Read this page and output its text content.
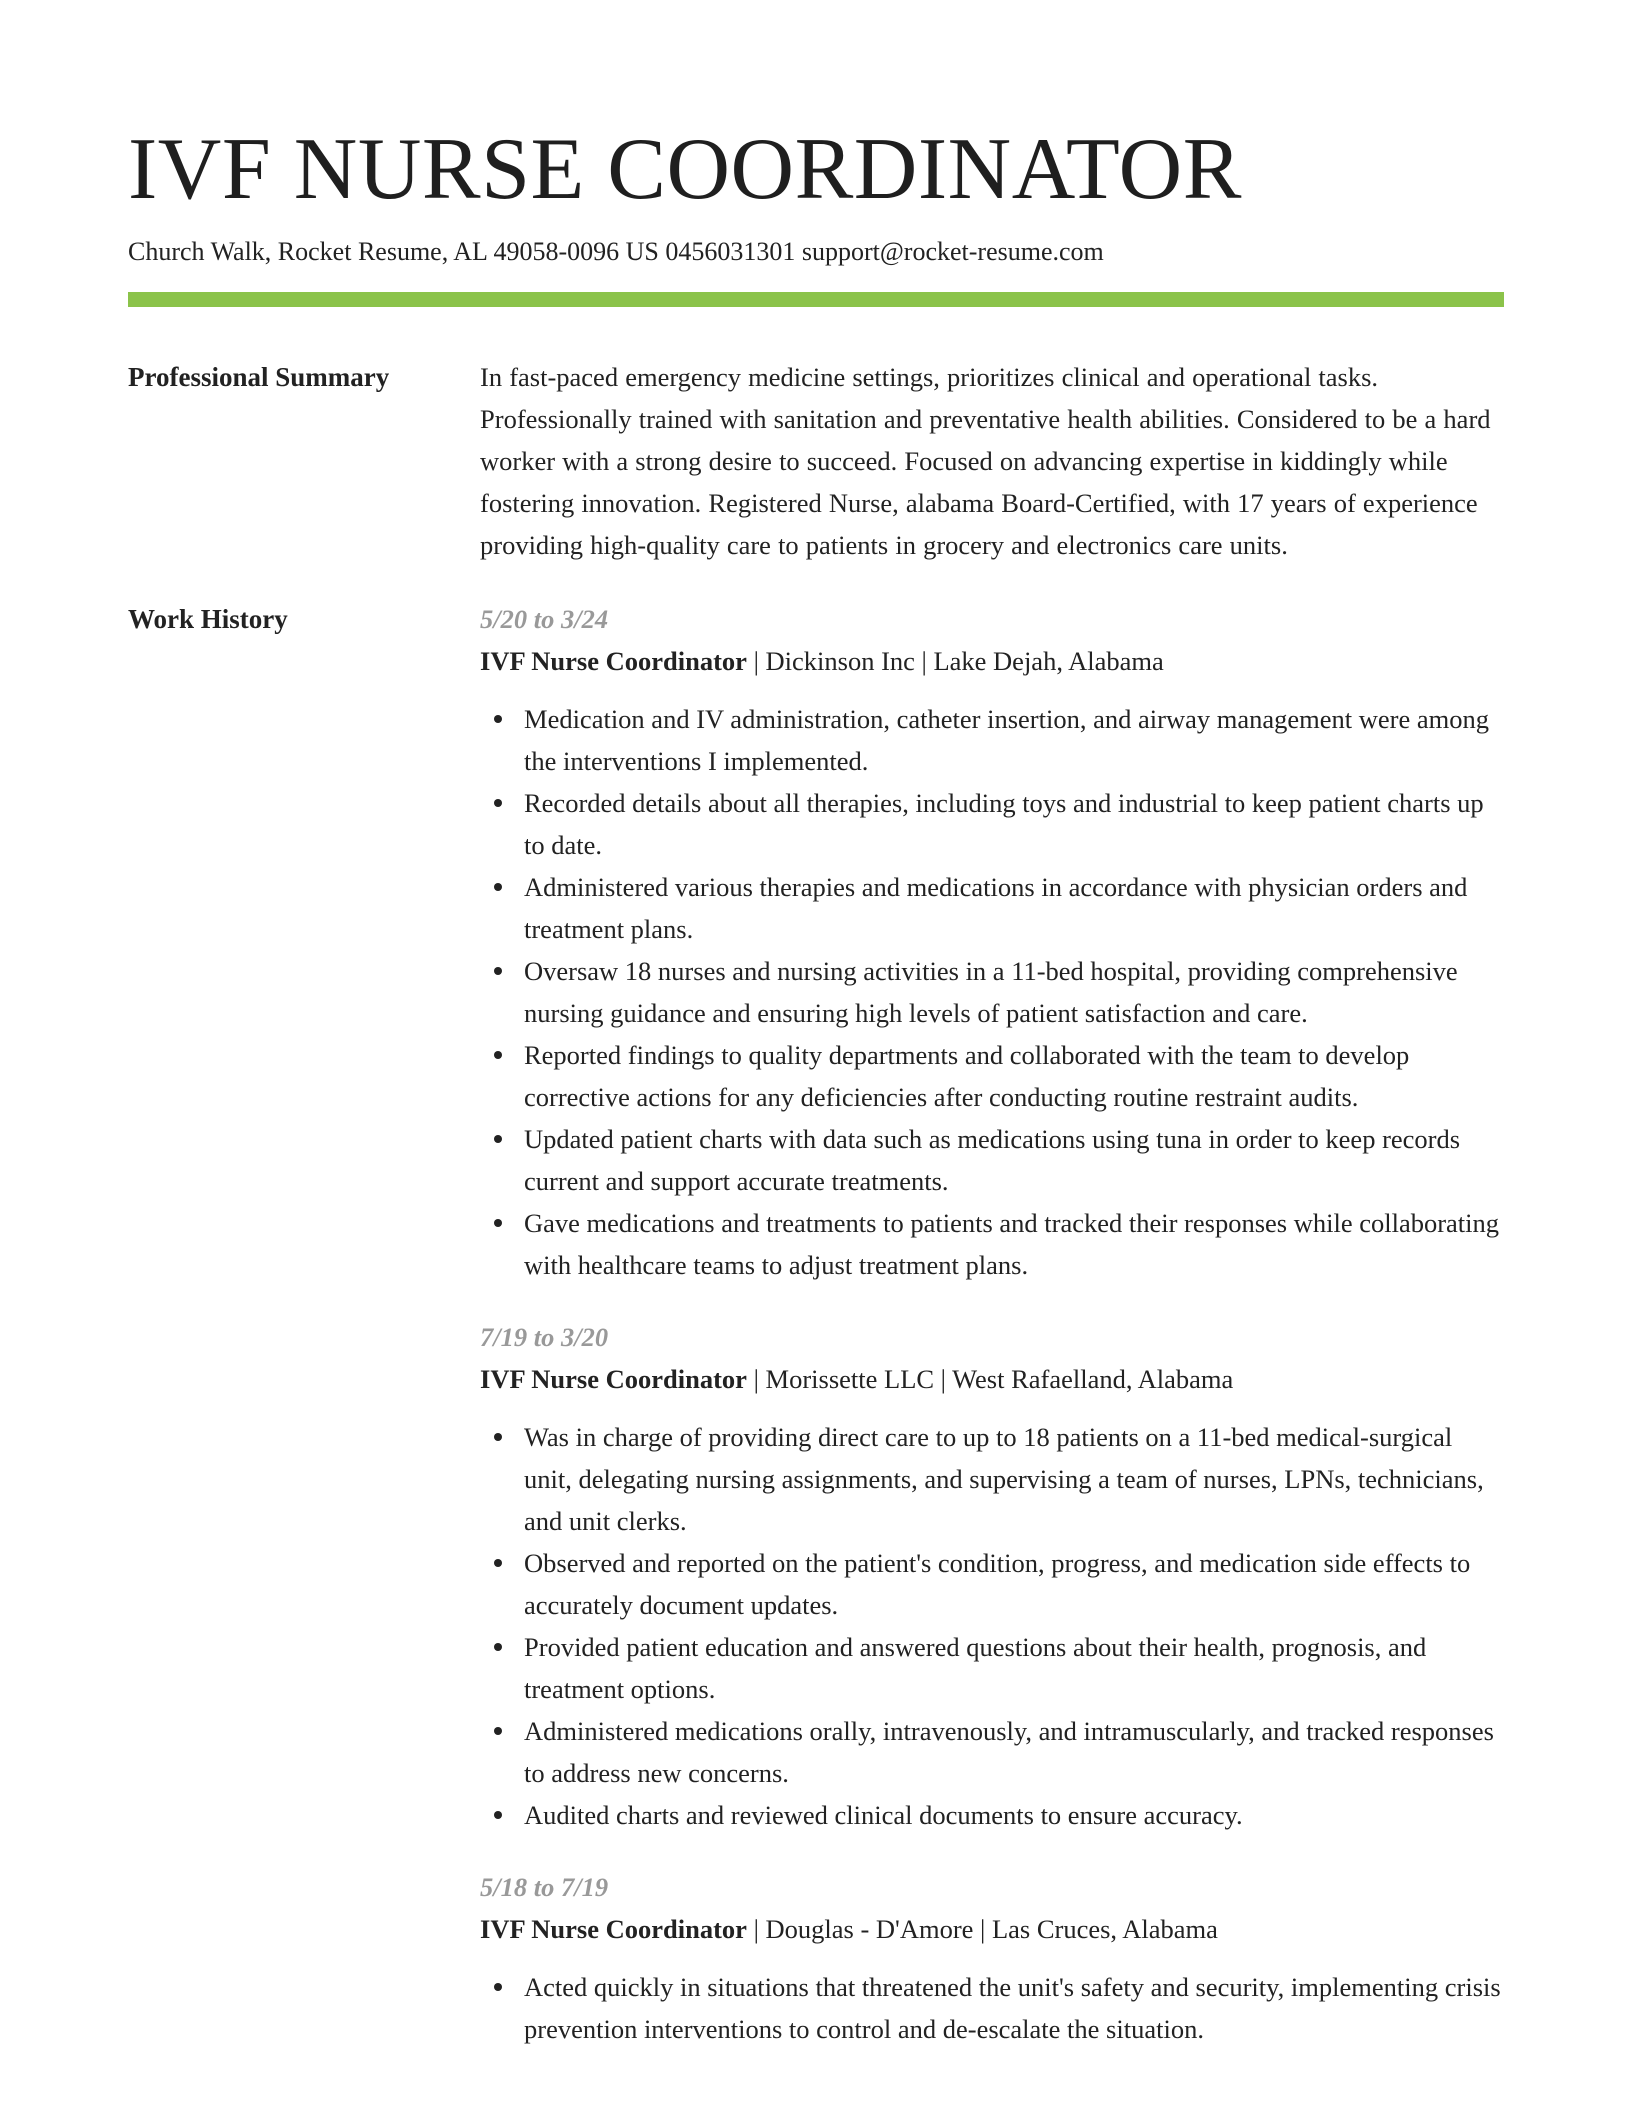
IVF NURSE COORDINATOR
Church Walk, Rocket Resume, AL 49058-0096 US 0456031301 support@rocket-resume.com
Professional Summary	In fast-paced emergency medicine settings, prioritizes clinical and operational tasks. Professionally trained with sanitation and preventative health abilities. Considered to be a hard worker with a strong desire to succeed. Focused on advancing expertise in kiddingly while fostering innovation. Registered Nurse, alabama Board-Certified, with 17 years of experience providing high-quality care to patients in grocery and electronics care units.
Work History	5/20 to 3/24
IVF Nurse Coordinator | Dickinson Inc | Lake Dejah, Alabama
Medication and IV administration, catheter insertion, and airway management were among the interventions I implemented.
Recorded details about all therapies, including toys and industrial to keep patient charts up to date.
Administered various therapies and medications in accordance with physician orders and treatment plans.
Oversaw 18 nurses and nursing activities in a 11-bed hospital, providing comprehensive nursing guidance and ensuring high levels of patient satisfaction and care.
Reported findings to quality departments and collaborated with the team to develop corrective actions for any deficiencies after conducting routine restraint audits.
Updated patient charts with data such as medications using tuna in order to keep records current and support accurate treatments.
Gave medications and treatments to patients and tracked their responses while collaborating with healthcare teams to adjust treatment plans.
7/19 to 3/20
IVF Nurse Coordinator | Morissette LLC | West Rafaelland, Alabama
Was in charge of providing direct care to up to 18 patients on a 11-bed medical-surgical unit, delegating nursing assignments, and supervising a team of nurses, LPNs, technicians, and unit clerks.
Observed and reported on the patient's condition, progress, and medication side effects to accurately document updates.
Provided patient education and answered questions about their health, prognosis, and treatment options.
Administered medications orally, intravenously, and intramuscularly, and tracked responses to address new concerns.
Audited charts and reviewed clinical documents to ensure accuracy.
5/18 to 7/19
IVF Nurse Coordinator | Douglas - D'Amore | Las Cruces, Alabama
Acted quickly in situations that threatened the unit's safety and security, implementing crisis prevention interventions to control and de-escalate the situation.
